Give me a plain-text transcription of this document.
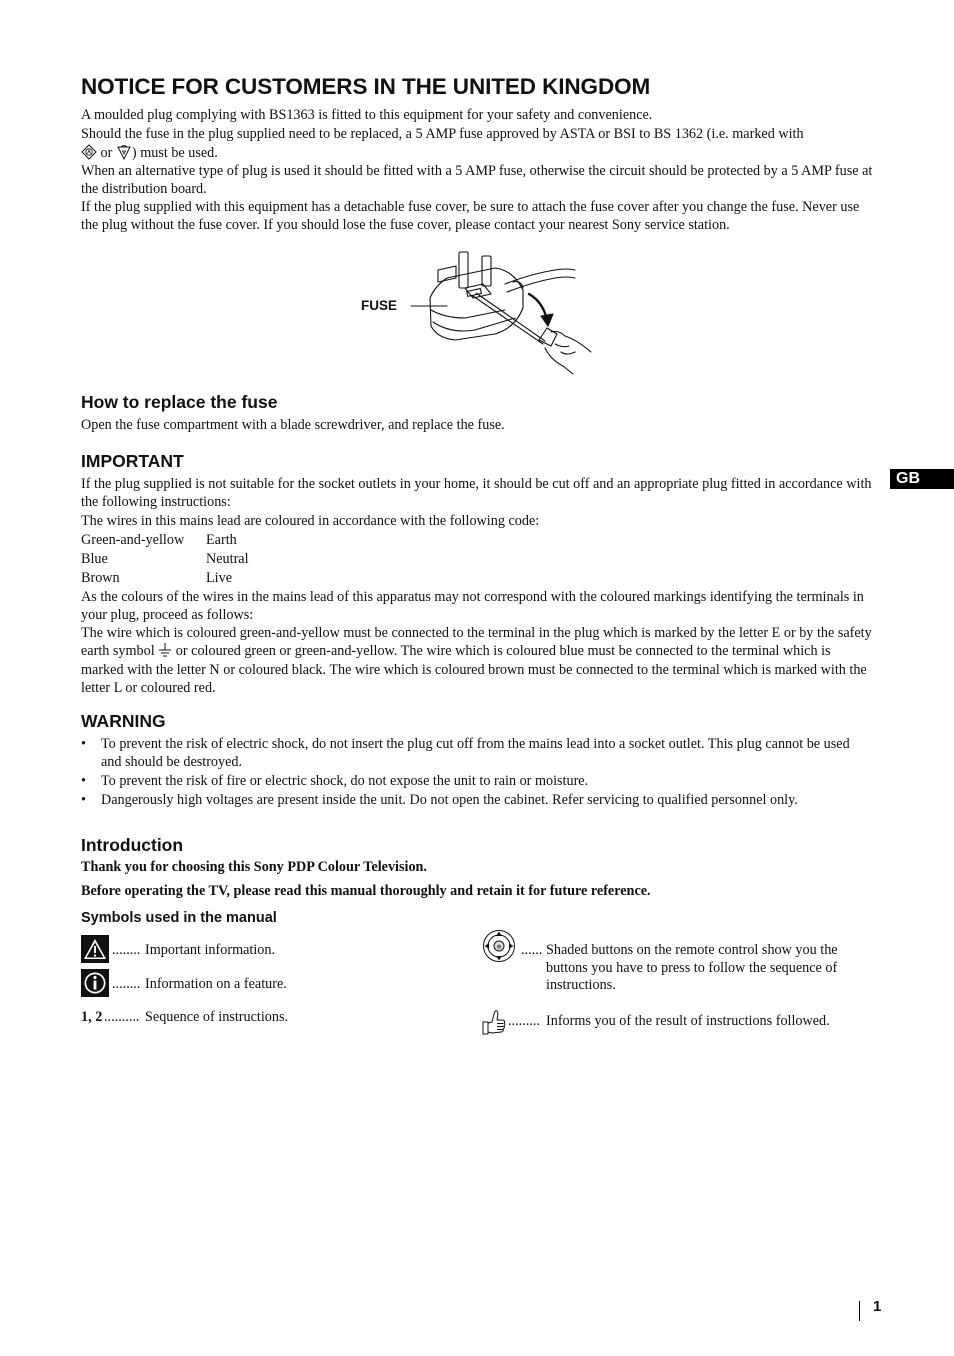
NOTICE FOR CUSTOMERS IN THE UNITED KINGDOM

A moulded plug complying with BS1363 is fitted to this equipment for your safety and convenience.

Should the fuse in the plug supplied need to be replaced, a 5 AMP fuse approved by ASTA or BSI to BS 1362 (i.e. marked with
or ) must be used.

When an alternative type of plug is used it should be fitted with a 5 AMP fuse, otherwise the circuit should be protected by a 5 AMP fuse at the distribution board.

If the plug supplied with this equipment has a detachable fuse cover, be sure to attach the fuse cover after you change the fuse. Never use the plug without the fuse cover. If you should lose the fuse cover, please contact your nearest Sony service station.

FUSE
How to replace the fuse

Open the fuse compartment with a blade screwdriver, and replace the fuse.

IMPORTANT

If the plug supplied is not suitable for the socket outlets in your home, it should be cut off and an appropriate plug fitted in accordance with the following instructions:

The wires in this mains lead are coloured in accordance with the following code:

Green-and-yellow Earth
Blue	Neutral
Brown	Live

As the colours of the wires in the mains lead of this apparatus may not correspond with the coloured markings identifying the terminals in your plug, proceed as follows:

The wire which is coloured green-and-yellow must be connected to the terminal in the plug which is marked by the letter E or by the safety earth symbol or coloured green or green-and-yellow. The wire which is coloured blue must be connected to the terminal which is marked with the letter N or coloured black. The wire which is coloured brown must be connected to the terminal which is marked with the letter L or coloured red.

WARNING
• To prevent the risk of electric shock, do not insert the plug cut off from the mains lead into a socket outlet. This plug cannot be used and should be destroyed.
• To prevent the risk of fire or electric shock, do not expose the unit to rain or moisture.
• Dangerously high voltages are present inside the unit. Do not open the cabinet. Refer servicing to qualified personnel only.
Introduction

Thank you for choosing this Sony PDP Colour Television.

Before operating the TV, please read this manual thoroughly and retain it for future reference.

Symbols used in the manual
........ Important information.
........ Information on a feature.
1, 2 .......... Sequence of instructions.
⊕ ...... Shaded buttons on the remote control show you the buttons you have to press to follow the sequence of instructions.
......... Informs you of the result of instructions followed.
GB
1
